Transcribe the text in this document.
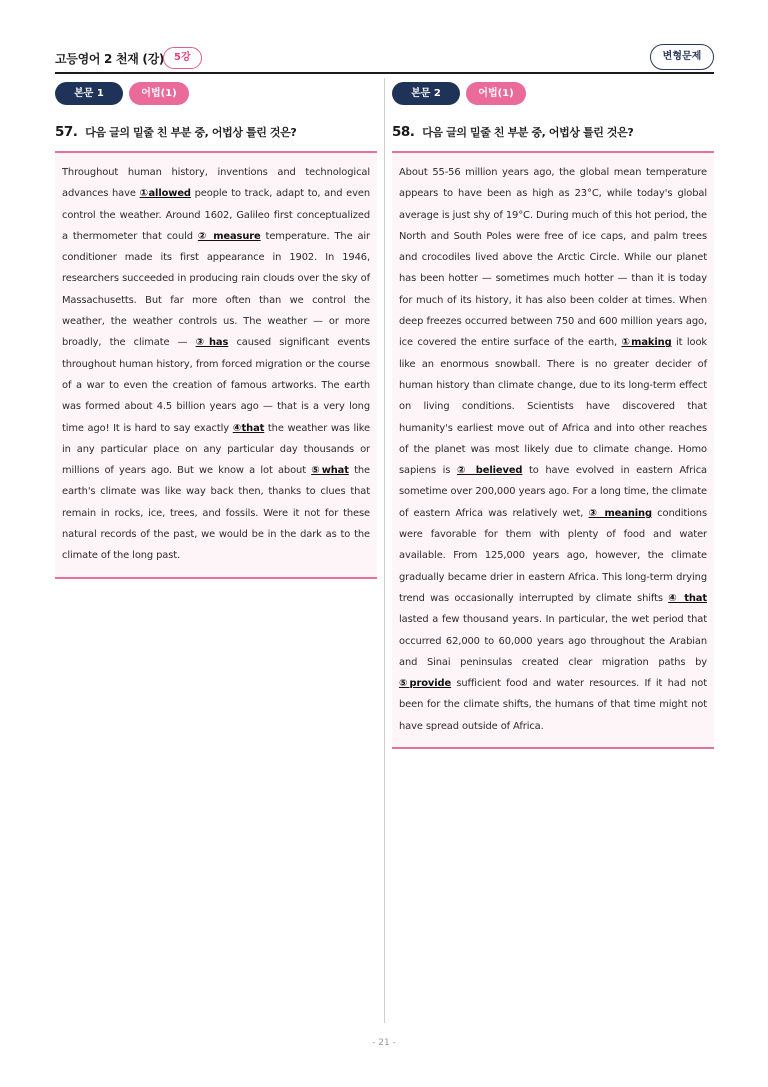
고등영어 2 천재 (강) 5강	변형문제
본문 1	어법(1)
57. 다음 글의 밑줄 친 부분 중, 어법상 틀린 것은?
Throughout human history, inventions and technological advances have ①allowed people to track, adapt to, and even control the weather. Around 1602, Galileo first conceptualized a thermometer that could ② measure temperature. The air conditioner made its first appearance in 1902. In 1946, researchers succeeded in producing rain clouds over the sky of Massachusetts. But far more often than we control the weather, the weather controls us. The weather — or more broadly, the climate — ③has caused significant events throughout human history, from forced migration or the course of a war to even the creation of famous artworks. The earth was formed about 4.5 billion years ago — that is a very long time ago! It is hard to say exactly ④that the weather was like in any particular place on any particular day thousands or millions of years ago. But we know a lot about ⑤what the earth's climate was like way back then, thanks to clues that remain in rocks, ice, trees, and fossils. Were it not for these natural records of the past, we would be in the dark as to the climate of the long past.
본문 2	어법(1)
58. 다음 글의 밑줄 친 부분 중, 어법상 틀린 것은?
About 55-56 million years ago, the global mean temperature appears to have been as high as 23°C, while today's global average is just shy of 19°C. During much of this hot period, the North and South Poles were free of ice caps, and palm trees and crocodiles lived above the Arctic Circle. While our planet has been hotter — sometimes much hotter — than it is today for much of its history, it has also been colder at times. When deep freezes occurred between 750 and 600 million years ago, ice covered the entire surface of the earth, ①making it look like an enormous snowball. There is no greater decider of human history than climate change, due to its long-term effect on living conditions. Scientists have discovered that humanity's earliest move out of Africa and into other reaches of the planet was most likely due to climate change. Homo sapiens is ② believed to have evolved in eastern Africa sometime over 200,000 years ago. For a long time, the climate of eastern Africa was relatively wet, ③ meaning conditions were favorable for them with plenty of food and water available. From 125,000 years ago, however, the climate gradually became drier in eastern Africa. This long-term drying trend was occasionally interrupted by climate shifts ④ that lasted a few thousand years. In particular, the wet period that occurred 62,000 to 60,000 years ago throughout the Arabian and Sinai peninsulas created clear migration paths by ⑤provide sufficient food and water resources. If it had not been for the climate shifts, the humans of that time might not have spread outside of Africa.
- 21 -
